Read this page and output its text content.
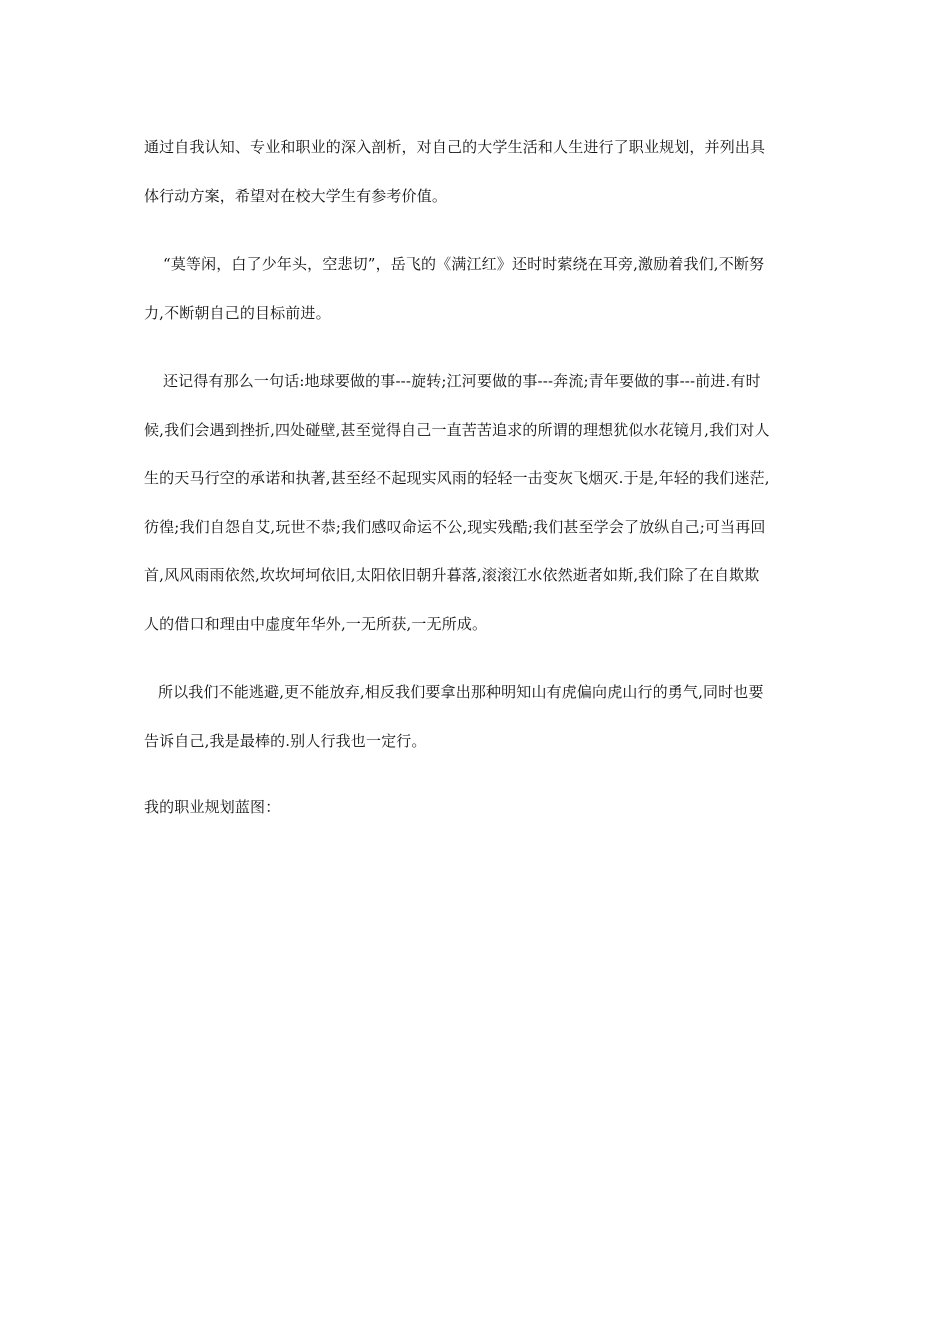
通过自我认知、专业和职业的深入剖析，对自己的大学生活和人生进行了职业规划，并列出具
体行动方案，希望对在校大学生有参考价值。

“莫等闲，白了少年头，空悲切”，岳飞的《满江红》还时时萦绕在耳旁,激励着我们,不断努
力,不断朝自己的目标前进。

还记得有那么一句话:地球要做的事---旋转;江河要做的事---奔流;青年要做的事---前进.有时
候,我们会遇到挫折,四处碰壁,甚至觉得自己一直苦苦追求的所谓的理想犹似水花镜月,我们对人
生的天马行空的承诺和执著,甚至经不起现实风雨的轻轻一击变灰飞烟灭.于是,年轻的我们迷茫,
彷徨;我们自怨自艾,玩世不恭;我们感叹命运不公,现实残酷;我们甚至学会了放纵自己;可当再回
首,风风雨雨依然,坎坎坷坷依旧,太阳依旧朝升暮落,滚滚江水依然逝者如斯,我们除了在自欺欺
人的借口和理由中虚度年华外,一无所获,一无所成。

所以我们不能逃避,更不能放弃,相反我们要拿出那种明知山有虎偏向虎山行的勇气,同时也要
告诉自己,我是最棒的.别人行我也一定行。

我的职业规划蓝图：
